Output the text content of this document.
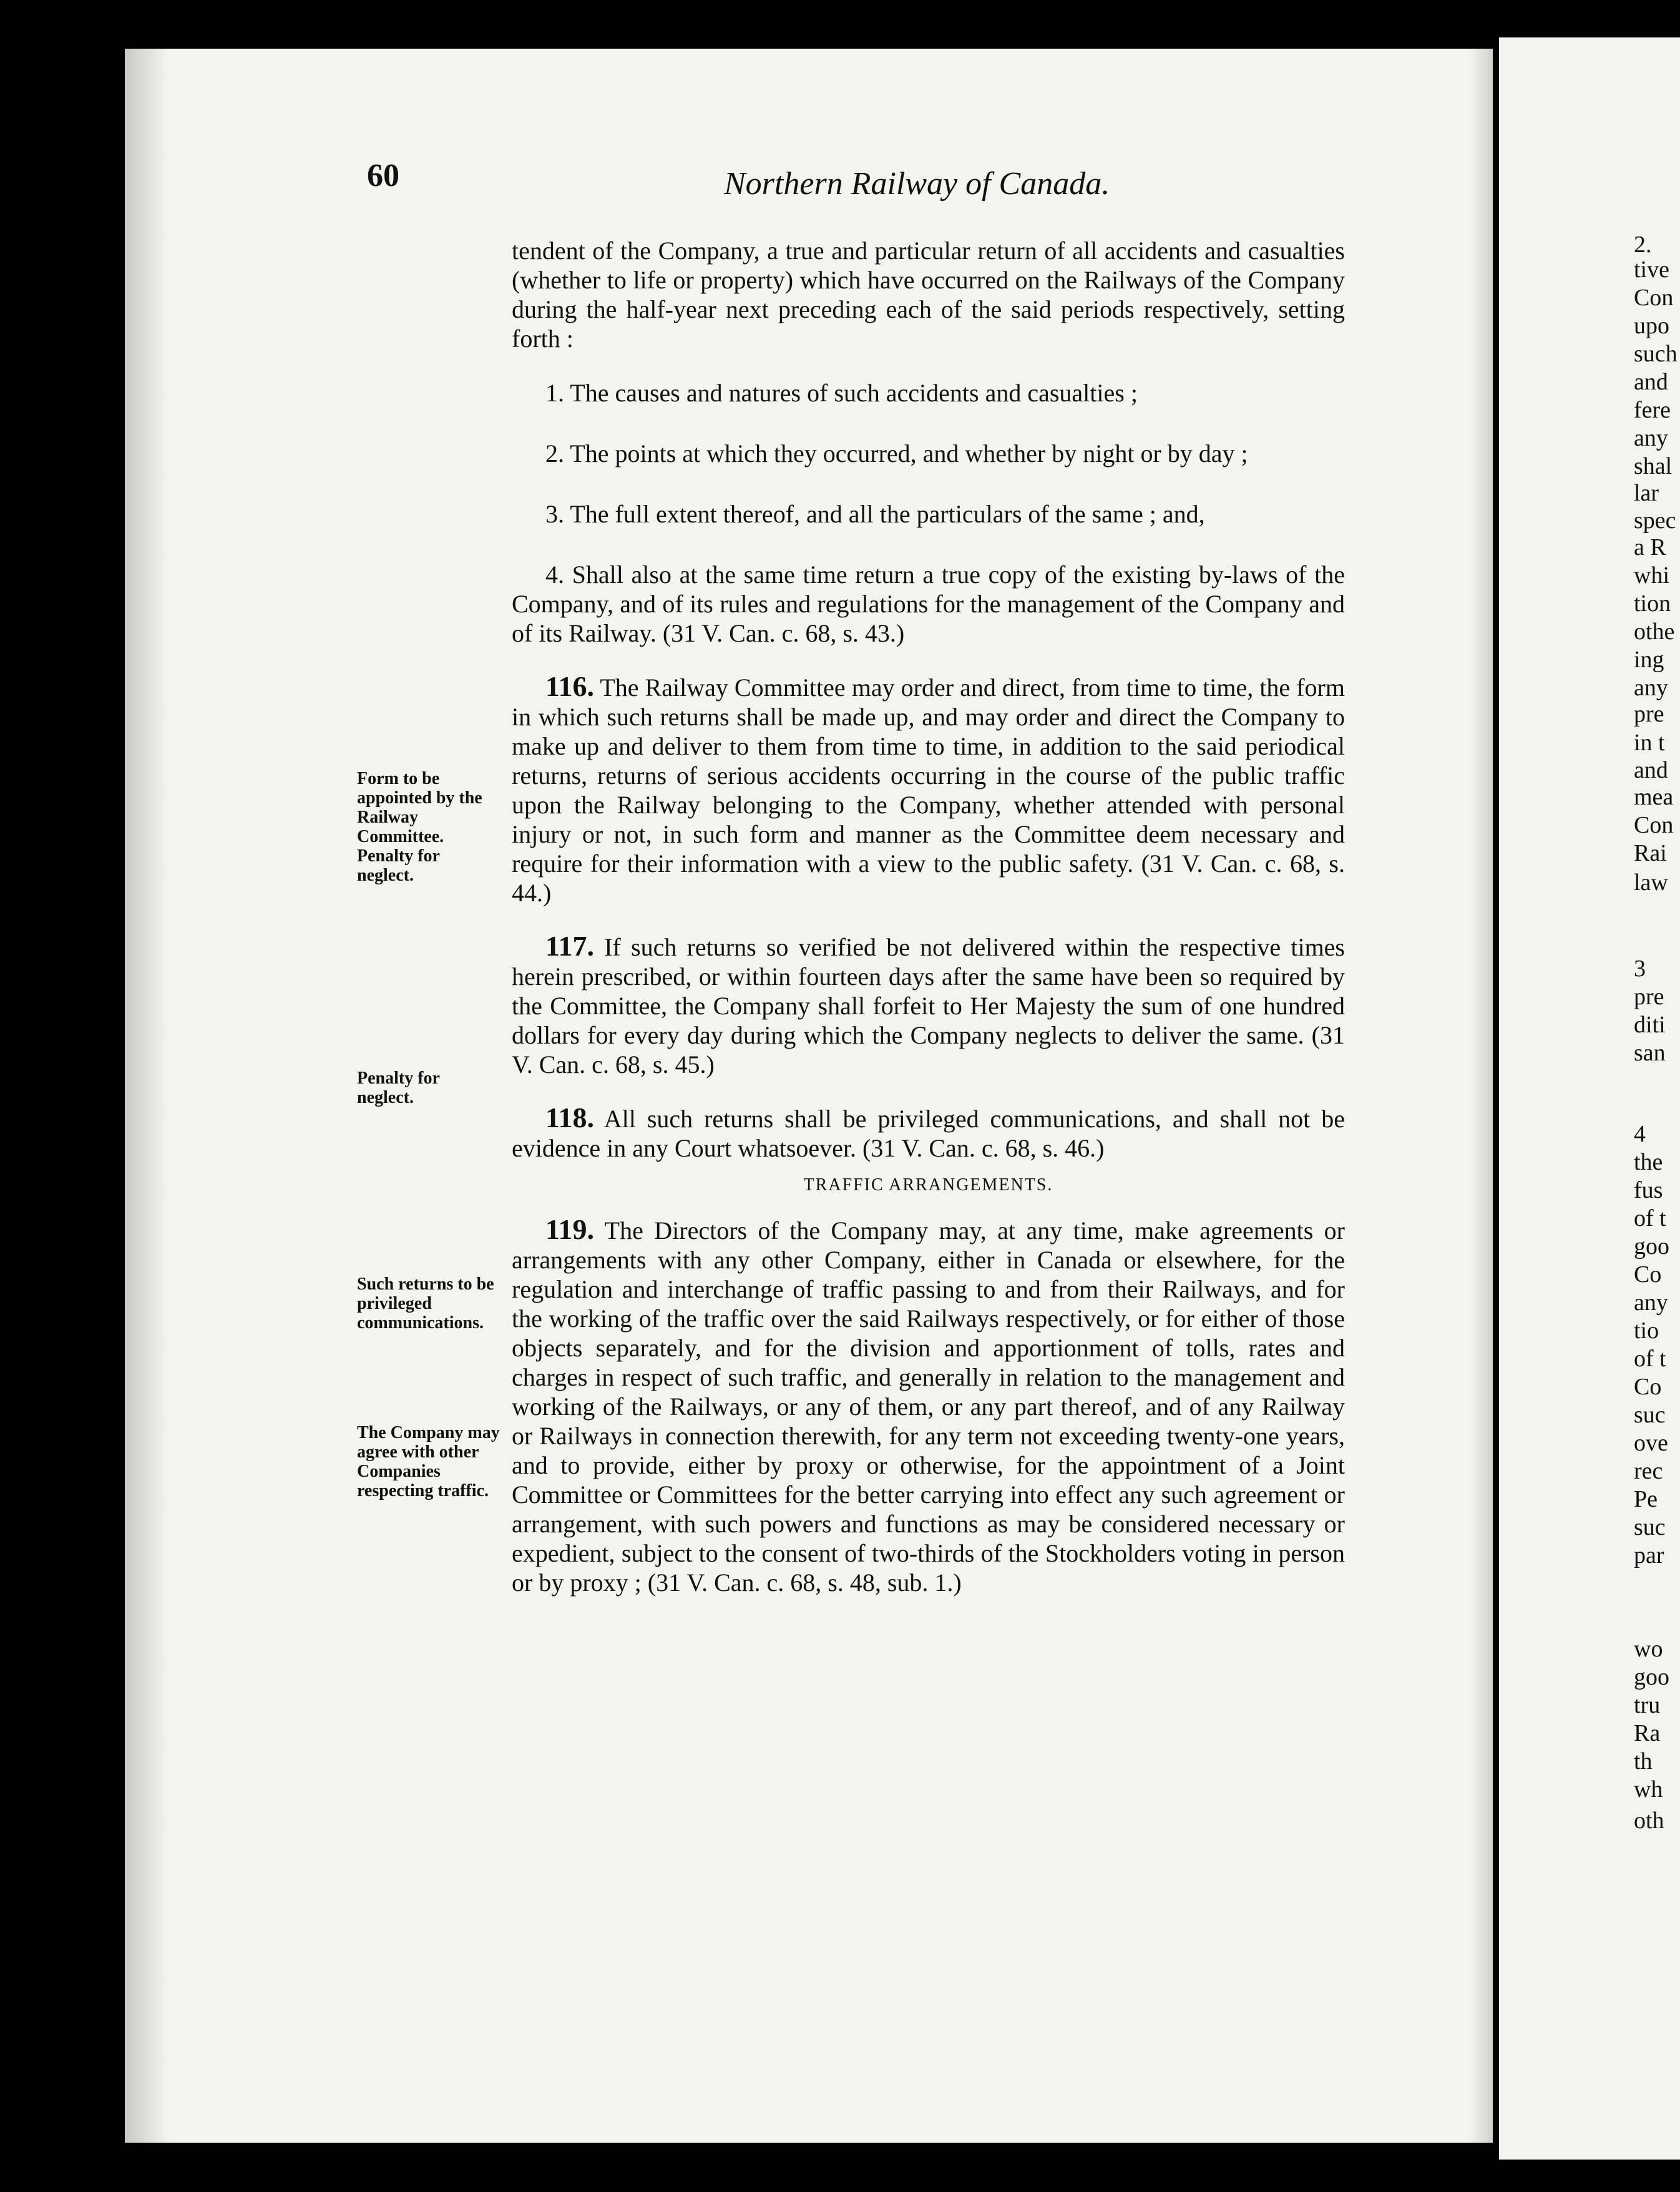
60	Northern Railway of Canada.
Form to be appointed by the Railway Committee. Penalty for neglect.
Penalty for neglect.
Such returns to be privileged communications.
The Company may agree with other Companies respecting traffic.

tendent of the Company, a true and particular return of all accidents and casualties (whether to life or property) which have occurred on the Railways of the Company during the half-year next preceding each of the said periods respectively, setting forth :

1. The causes and natures of such accidents and casualties ;

2. The points at which they occurred, and whether by night or by day ;

3. The full extent thereof, and all the particulars of the same ; and,

4. Shall also at the same time return a true copy of the existing by-laws of the Company, and of its rules and regulations for the management of the Company and of its Railway. (31 V. Can. c. 68, s. 43.)

116. The Railway Committee may order and direct, from time to time, the form in which such returns shall be made up, and may order and direct the Company to make up and deliver to them from time to time, in addition to the said periodical returns, returns of serious accidents occurring in the course of the public traffic upon the Railway belonging to the Company, whether attended with personal injury or not, in such form and manner as the Committee deem necessary and require for their information with a view to the public safety. (31 V. Can. c. 68, s. 44.)

117. If such returns so verified be not delivered within the respective times herein prescribed, or within fourteen days after the same have been so required by the Committee, the Company shall forfeit to Her Majesty the sum of one hundred dollars for every day during which the Company neglects to deliver the same. (31 V. Can. c. 68, s. 45.)

118. All such returns shall be privileged communications, and shall not be evidence in any Court whatsoever. (31 V. Can. c. 68, s. 46.)

TRAFFIC ARRANGEMENTS.

119. The Directors of the Company may, at any time, make agreements or arrangements with any other Company, either in Canada or elsewhere, for the regulation and interchange of traffic passing to and from their Railways, and for the working of the traffic over the said Railways respectively, or for either of those objects separately, and for the division and apportionment of tolls, rates and charges in respect of such traffic, and generally in relation to the management and working of the Railways, or any of them, or any part thereof, and of any Railway or Railways in connection therewith, for any term not exceeding twenty-one years, and to provide, either by proxy or otherwise, for the appointment of a Joint Committee or Committees for the better carrying into effect any such agreement or arrangement, with such powers and functions as may be considered necessary or expedient, subject to the consent of two-thirds of the Stockholders voting in person or by proxy ; (31 V. Can. c. 68, s. 48, sub. 1.)

2.
tive
Con
upo
such
and
fere
any
shal
lar
spec
a R
whi
tion
othe
ing
any
pre
in t
and
mea
Con
Rai
law
3
pre
diti
san
4
the
fus
of t
goo
Co
any
tio
of t
Co
suc
ove
rec
Pe
suc
par
wo
goo
tru
Ra
th
wh
oth
